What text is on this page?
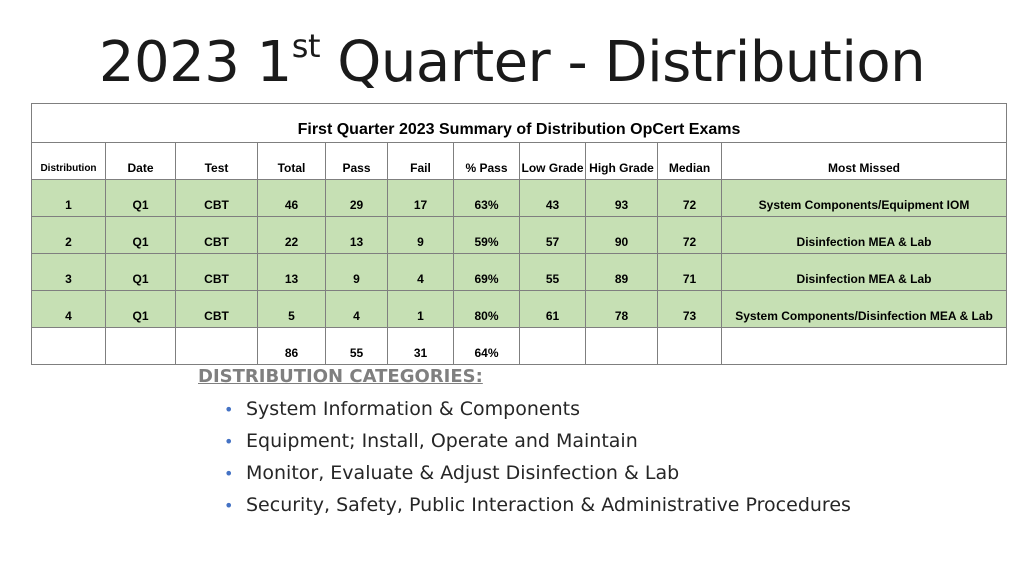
2023 1st Quarter - Distribution
First Quarter 2023 Summary of Distribution OpCert Exams										
Distribution	Date	Test	Total	Pass	Fail	% Pass	Low Grade	High Grade	Median	Most Missed
1	Q1	CBT	46	29	17	63%	43	93	72	System Components/Equipment IOM
2	Q1	CBT	22	13	9	59%	57	90	72	Disinfection MEA & Lab
3	Q1	CBT	13	9	4	69%	55	89	71	Disinfection MEA & Lab
4	Q1	CBT	5	4	1	80%	61	78	73	System Components/Disinfection MEA & Lab
			86	55	31	64%				
DISTRIBUTION CATEGORIES:
• System Information & Components
• Equipment; Install, Operate and Maintain
• Monitor, Evaluate & Adjust Disinfection & Lab
• Security, Safety, Public Interaction & Administrative Procedures
